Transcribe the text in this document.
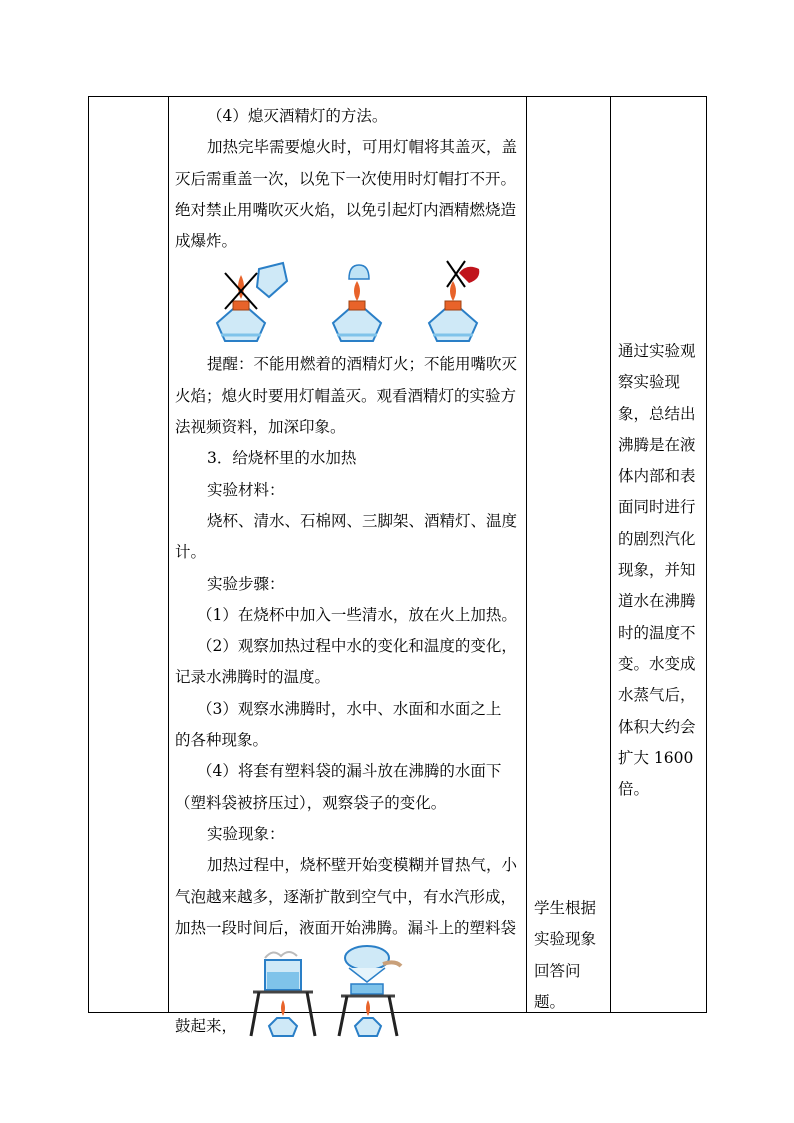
（4）熄灭酒精灯的方法。

加热完毕需要熄火时，可用灯帽将其盖灭，盖

灭后需重盖一次，以免下一次使用时灯帽打不开。

绝对禁止用嘴吹灭火焰，以免引起灯内酒精燃烧造

成爆炸。

提醒：不能用燃着的酒精灯火；不能用嘴吹灭

火焰；熄火时要用灯帽盖灭。观看酒精灯的实验方

法视频资料，加深印象。

3．给烧杯里的水加热

实验材料：

烧杯、清水、石棉网、三脚架、酒精灯、温度

计。

实验步骤：

（1）在烧杯中加入一些清水，放在火上加热。

（2）观察加热过程中水的变化和温度的变化，

记录水沸腾时的温度。

（3）观察水沸腾时，水中、水面和水面之上

的各种现象。

（4）将套有塑料袋的漏斗放在沸腾的水面下

（塑料袋被挤压过），观察袋子的变化。

实验现象：

加热过程中，烧杯壁开始变模糊并冒热气，小

气泡越来越多，逐渐扩散到空气中，有水汽形成，

加热一段时间后，液面开始沸腾。漏斗上的塑料袋

鼓起来，
学生根据
实验现象
回答问
题。
通过实验观
察实验现
象，总结出
沸腾是在液
体内部和表
面同时进行
的剧烈汽化
现象，并知
道水在沸腾
时的温度不
变。水变成
水蒸气后，
体积大约会
扩大 1600
倍。
